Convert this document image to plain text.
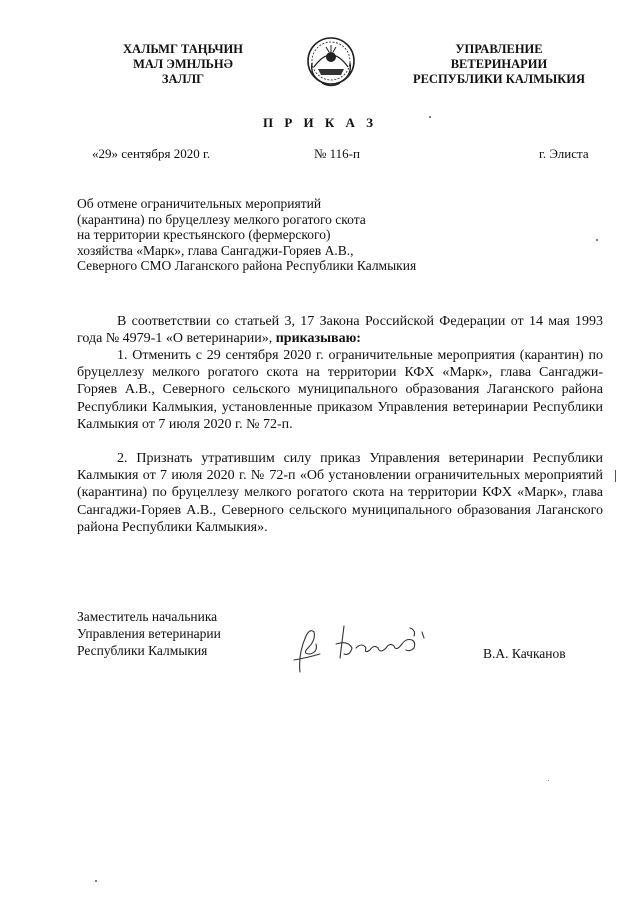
ХАЛЬМГ ТАҢЬЧИН
МАЛ ЭМНЛЬНӘ
ЗАЛЛГ
УПРАВЛЕНИЕ
ВЕТЕРИНАРИИ
РЕСПУБЛИКИ КАЛМЫКИЯ
П Р И К А З
«29» сентября 2020 г.	№ 116-п	г. Элиста
Об отмене ограничительных мероприятий
(карантина) по бруцеллезу мелкого рогатого скота
на территории крестьянского (фермерского)
хозяйства «Марк», глава Сангаджи-Горяев А.В.,
Северного СМО Лаганского района Республики Калмыкия
В соответствии со статьей 3, 17 Закона Российской Федерации от 14 мая 1993 года № 4979-1 «О ветеринарии», приказываю:
1. Отменить с 29 сентября 2020 г. ограничительные мероприятия (карантин) по бруцеллезу мелкого рогатого скота на территории КФХ «Марк», глава Сангаджи-Горяев А.В., Северного сельского муниципального образования Лаганского района Республики Калмыкия, установленные приказом Управления ветеринарии Республики Калмыкия от 7 июля 2020 г. № 72-п.
2. Признать утратившим силу приказ Управления ветеринарии Республики Калмыкия от 7 июля 2020 г. № 72-п «Об установлении ограничительных мероприятий (карантина) по бруцеллезу мелкого рогатого скота на территории КФХ «Марк», глава Сангаджи-Горяев А.В., Северного сельского муниципального образования Лаганского района Республики Калмыкия».
Заместитель начальника
Управления ветеринарии
Республики Калмыкия	В.А. Качканов
